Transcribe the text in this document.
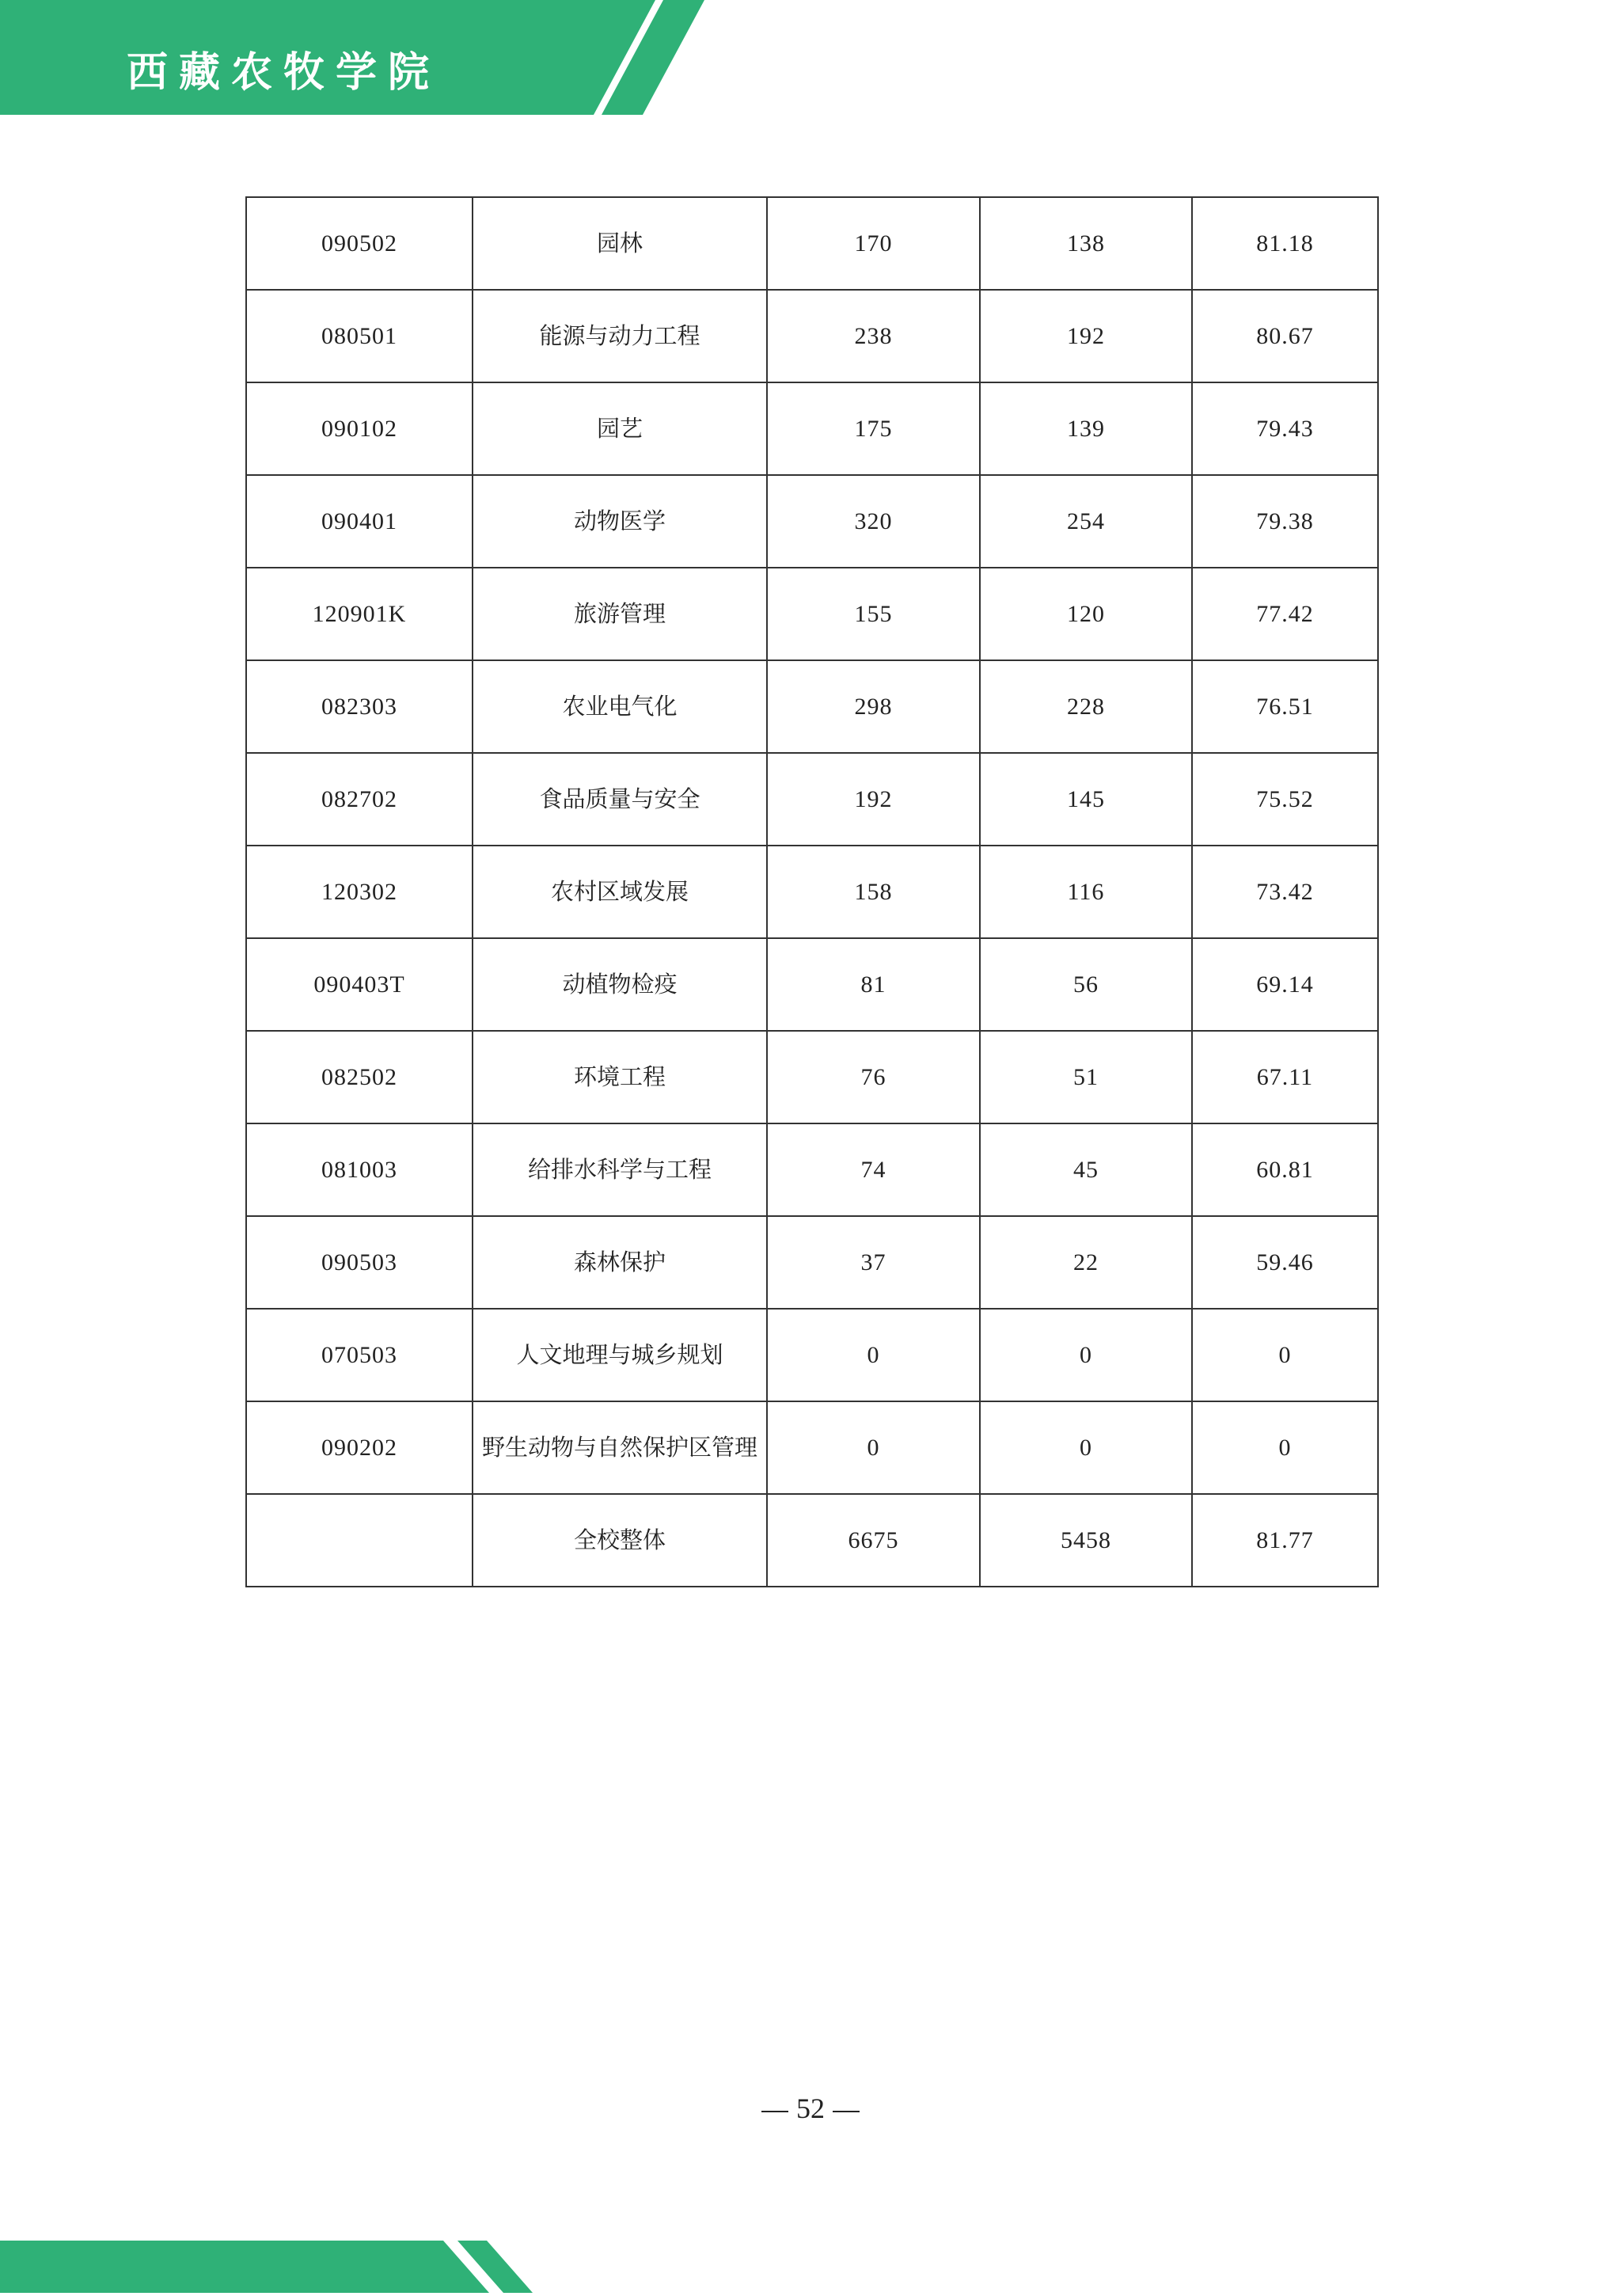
西藏农牧学院
090502	园林	170	138	81.18
080501	能源与动力工程	238	192	80.67
090102	园艺	175	139	79.43
090401	动物医学	320	254	79.38
120901K	旅游管理	155	120	77.42
082303	农业电气化	298	228	76.51
082702	食品质量与安全	192	145	75.52
120302	农村区域发展	158	116	73.42
090403T	动植物检疫	81	56	69.14
082502	环境工程	76	51	67.11
081003	给排水科学与工程	74	45	60.81
090503	森林保护	37	22	59.46
070503	人文地理与城乡规划	0	0	0
090202	野生动物与自然保护区管理	0	0	0
	全校整体	6675	5458	81.77
52
